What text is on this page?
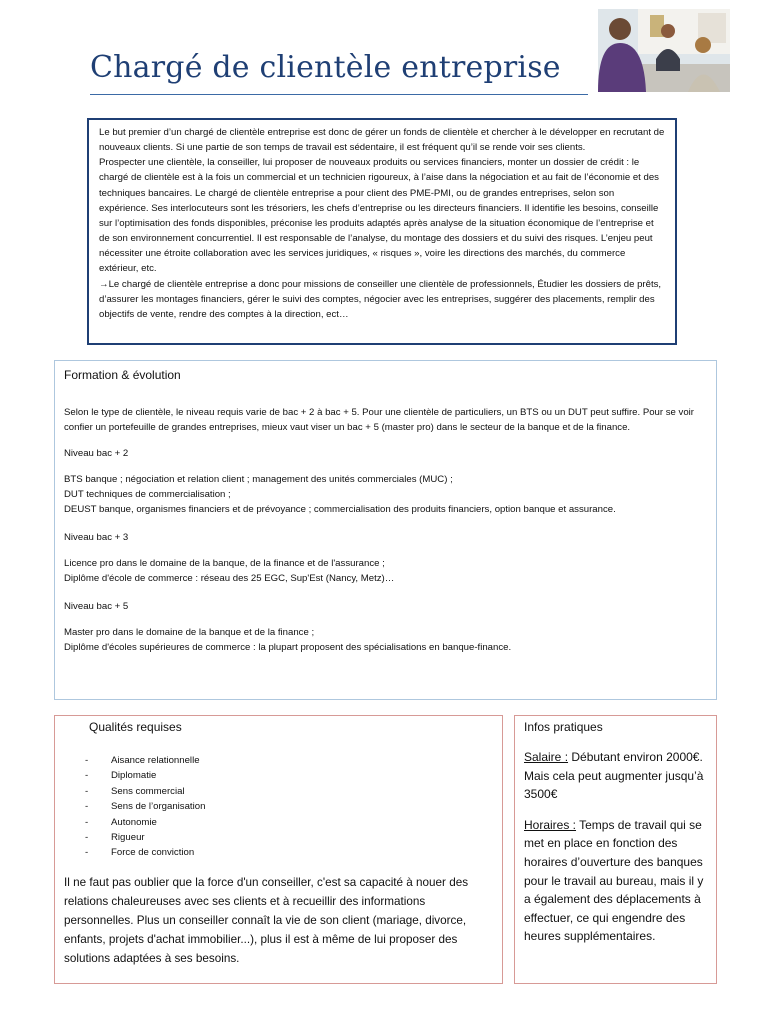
Chargé de clientèle entreprise

Le but premier d’un chargé de clientèle entreprise est donc de gérer un fonds de clientèle et chercher à le développer en recrutant de nouveaux clients. Si une partie de son temps de travail est sédentaire, il est fréquent qu’il se rende voir ses clients.

Prospecter une clientèle, la conseiller, lui proposer de nouveaux produits ou services financiers, monter un dossier de crédit : le chargé de clientèle est à la fois un commercial et un technicien rigoureux, à l’aise dans la négociation et au fait de l’économie et des techniques bancaires. Le chargé de clientèle entreprise a pour client des PME-PMI, ou de grandes entreprises, selon son expérience. Ses interlocuteurs sont les trésoriers, les chefs d’entreprise ou les directeurs financiers. Il identifie les besoins, conseille sur l’optimisation des fonds disponibles, préconise les produits adaptés après analyse de la situation économique de l’entreprise et de son environnement concurrentiel. Il est responsable de l’analyse, du montage des dossiers et du suivi des risques. L’enjeu peut nécessiter une étroite collaboration avec les services juridiques, « risques », voire les directions des marchés, du commerce extérieur, etc.

→Le chargé de clientèle entreprise a donc pour missions de conseiller une clientèle de professionnels, Étudier les dossiers de prêts, d’assurer les montages financiers, gérer le suivi des comptes, négocier avec les entreprises, suggérer des placements, remplir des objectifs de vente, rendre des comptes à la direction, ect…

Formation & évolution

Selon le type de clientèle, le niveau requis varie de bac + 2 à bac + 5. Pour une clientèle de particuliers, un BTS ou un DUT peut suffire. Pour se voir confier un portefeuille de grandes entreprises, mieux vaut viser un bac + 5 (master pro) dans le secteur de la banque et de la finance.

Niveau bac + 2
BTS banque ; négociation et relation client ; management des unités commerciales (MUC) ;
DUT techniques de commercialisation ;
DEUST banque, organismes financiers et de prévoyance ; commercialisation des produits financiers, option banque et assurance.
Niveau bac + 3
Licence pro dans le domaine de la banque, de la finance et de l'assurance ;
Diplôme d'école de commerce : réseau des 25 EGC, Sup'Est (Nancy, Metz)…
Niveau bac + 5
Master pro dans le domaine de la banque et de la finance ;
Diplôme d'écoles supérieures de commerce : la plupart proposent des spécialisations en banque-finance.
Qualités requises
-	Aisance relationnelle
-	Diplomatie
-	Sens commercial
-	Sens de l’organisation
-	Autonomie
-	Rigueur
-	Force de conviction

Il ne faut pas oublier que la force d'un conseiller, c'est sa capacité à nouer des relations chaleureuses avec ses clients et à recueillir des informations personnelles. Plus un conseiller connaît la vie de son client (mariage, divorce, enfants, projets d'achat immobilier...), plus il est à même de lui proposer des solutions adaptées à ses besoins.

Infos pratiques

Salaire : Débutant environ 2000€. Mais cela peut augmenter jusqu’à 3500€

Horaires : Temps de travail qui se met en place en fonction des horaires d’ouverture des banques pour le travail au bureau, mais il y a également des déplacements à effectuer, ce qui engendre des heures supplémentaires.
